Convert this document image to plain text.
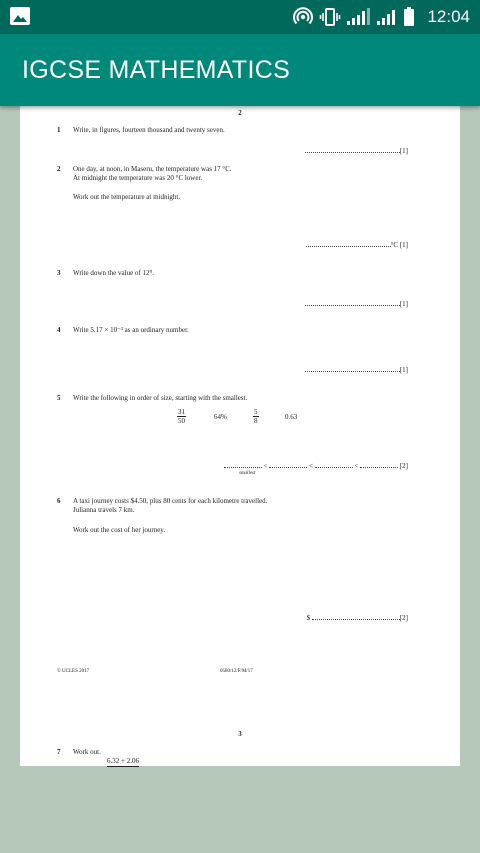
12:04
IGCSE MATHEMATICS
2
1 Write, in figures, fourteen thousand and twenty seven.
[1]
2 One day, at noon, in Maseru, the temperature was 17 °C.
At midnight the temperature was 20 °C lower.
Work out the temperature at midnight.
°C [1]
3 Write down the value of 12⁰.
[1]
4 Write 5.17 × 10⁻³ as an ordinary number.
[1]
5 Write the following in order of size, starting with the smallest.
$\frac{31}{50}$	64%	$\frac{5}{8}$	0.63
<	<	<	[2]
smallest
6 A taxi journey costs $4.50, plus 80 cents for each kilometre travelled.
Julianna travels 7 km.
Work out the cost of her journey.
$	[2]
© UCLES 2017	0580/12/F/M/17
3
7 Work out.
6.32 + 2.06
